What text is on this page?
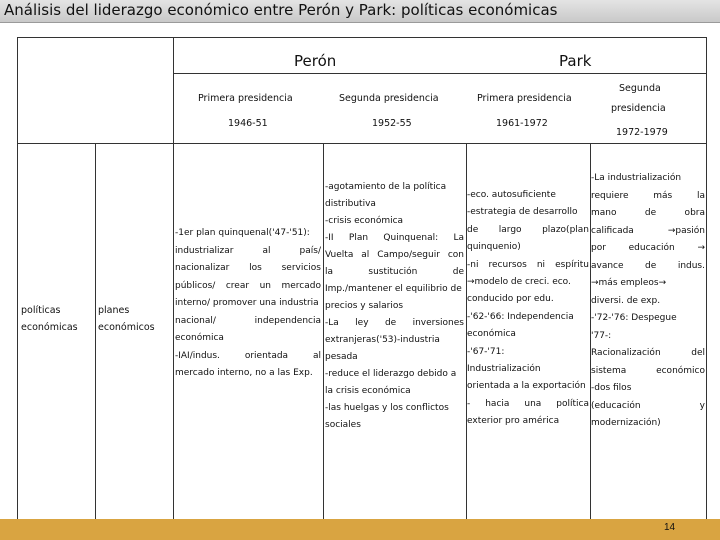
Análisis del liderazgo económico entre Perón y Park: políticas económicas
Perón	Park
Primera presidencia
1946-51
Segunda presidencia
1952-55
Primera presidencia
1961-1972
Segunda
presidencia
1972-1979
políticas
económicas
planes
económicos
-1er plan quinquenal('47-'51):
industrializar al país/
nacionalizar los servicios
públicos/ crear un mercado
interno/ promover una industria
nacional/ independencia
económica
-IAI/indus. orientada al
mercado interno, no a las Exp.
-agotamiento de la política
distributiva
-crisis económica
-II Plan Quinquenal: La
Vuelta al Campo/seguir con
la sustitución de
Imp./mantener el equilibrio de
precios y salarios
-La ley de inversiones
extranjeras('53)-industria
pesada
-reduce el liderazgo debido a
la crisis económica
-las huelgas y los conflictos
sociales
-eco. autosuficiente
-estrategia de desarrollo
de largo plazo(plan
quinquenio)
-ni recursos ni espíritu
→modelo de creci. eco.
conducido por edu.
-'62-'66: Independencia
económica
-'67-'71:
Industrialización
orientada a la exportación
- hacia una política
exterior pro américa
-La industrialización
requiere más la
mano de obra
calificada →pasión
por educación →
avance de indus.
→más empleos→
diversi. de exp.
-'72-'76: Despegue
'77-:
Racionalización del
sistema económico
-dos filos
(educación y
modernización)
14
